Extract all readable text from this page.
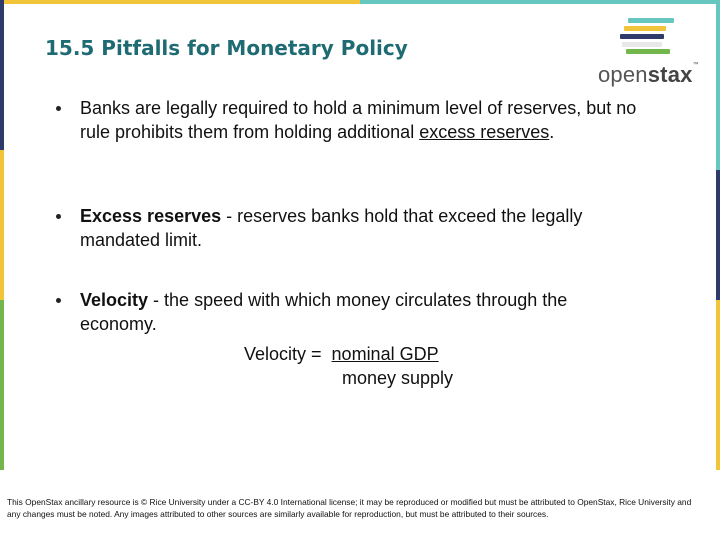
15.5 Pitfalls for Monetary Policy
openstax™
Banks are legally required to hold a minimum level of reserves, but no rule prohibits them from holding additional excess reserves.
Excess reserves - reserves banks hold that exceed the legally mandated limit.
Velocity - the speed with which money circulates through the economy.
Velocity =nominal GDP
money supply
This OpenStax ancillary resource is © Rice University under a CC-BY 4.0 International license; it may be reproduced or modified but must be attributed to OpenStax, Rice University and any changes must be noted. Any images attributed to other sources are similarly available for reproduction, but must be attributed to their sources.
